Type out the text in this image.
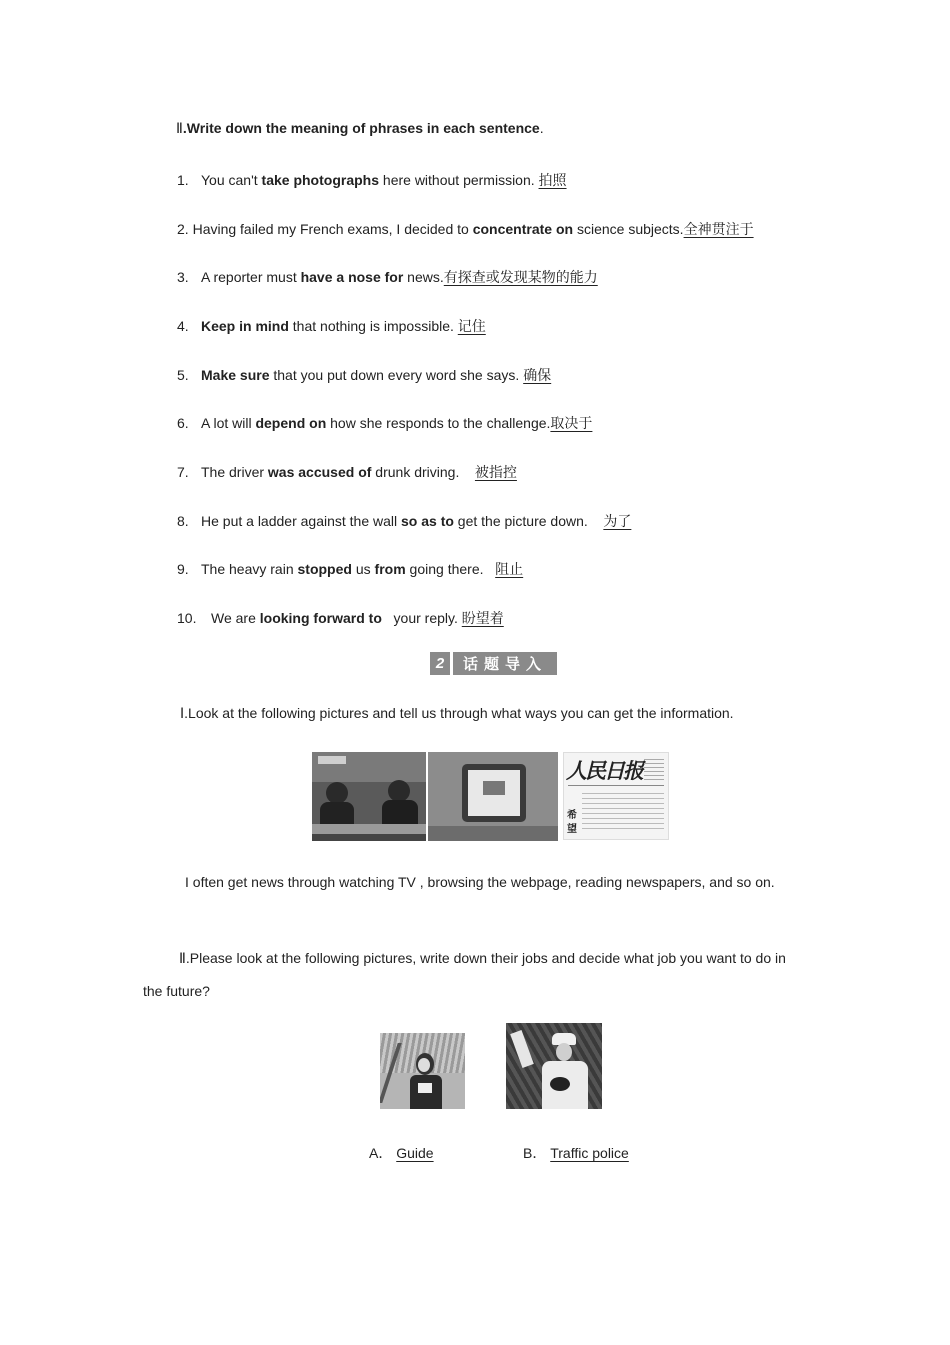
Ⅱ.Write down the meaning of phrases in each sentence.
1. You can't take photographs here without permission. 拍照
2. Having failed my French exams, I decided to concentrate on science subjects.全神贯注于
3. A reporter must have a nose for news.有探查或发现某物的能力
4. Keep in mind that nothing is impossible. 记住
5. Make sure that you put down every word she says. 确保
6. A lot will depend on how she responds to the challenge.取决于
7. The driver was accused of drunk driving.    被指控
8. He put a ladder against the wall so as to get the picture down.    为了
9. The heavy rain stopped us from going there.   阻止
10. We are looking forward to   your reply. 盼望着
2	话题导入
Ⅰ.Look at the following pictures and tell us through what ways you can get the information.
人民日报
希望
I often get news through watching TV , browsing the webpage, reading newspapers, and so on.
Ⅱ.Please look at the following pictures, write down their jobs and decide what job you want to do in the future?
A． Guide	B． Traffic police
